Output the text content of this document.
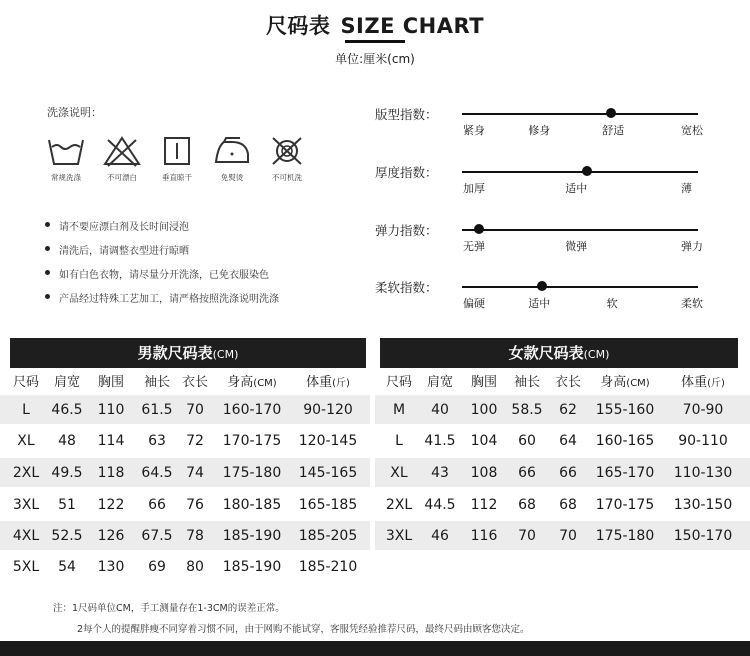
尺码表 SIZE CHART
单位:厘米(cm)
洗涤说明：
常规洗涤	不可漂白	垂直晾干	免熨烫	不可机洗
请不要应漂白剂及长时间浸泡
清洗后，请调整衣型进行晾晒
如有白色衣物，请尽量分开洗涤，已免衣服染色
产品经过特殊工艺加工，请严格按照洗涤说明洗涤
版型指数：
紧身	修身	舒适	宽松
厚度指数：
加厚	适中	薄
弹力指数：
无弹	微弹	弹力
柔软指数：
偏硬	适中	软	柔软
男款尺码表(CM)	女款尺码表(CM)
尺码	肩宽	胸围	袖长 衣长	身高(CM)	体重(斤)
L	46.5	110	61.5 70	160-170	90-120
XL	48	114	63	72	170-175	120-145
2XL 49.5	118	64.5 74	175-180	145-165
3XL	51	122	66	76	180-185	165-185
4XL 52.5	126	67.5 78	185-190	185-205
5XL	54	130	69	80	185-190	185-210
尺码	肩宽	胸围	袖长	衣长	身高(CM)	体重(斤)
M	40	100	58.5	62	155-160	70-90
L	41.5	104	60	64	160-165	90-110
XL	43	108	66	66	165-170	110-130
2XL 44.5	112	68	68	170-175	130-150
3XL	46	116	70	70	175-180	150-170
注：1尺码单位CM，手工测量存在1-3CM的误差正常。
2每个人的提醒胖瘦不同穿着习惯不同，由于网购不能试穿，客服凭经验推荐尺码，最终尺码由顾客您决定。
